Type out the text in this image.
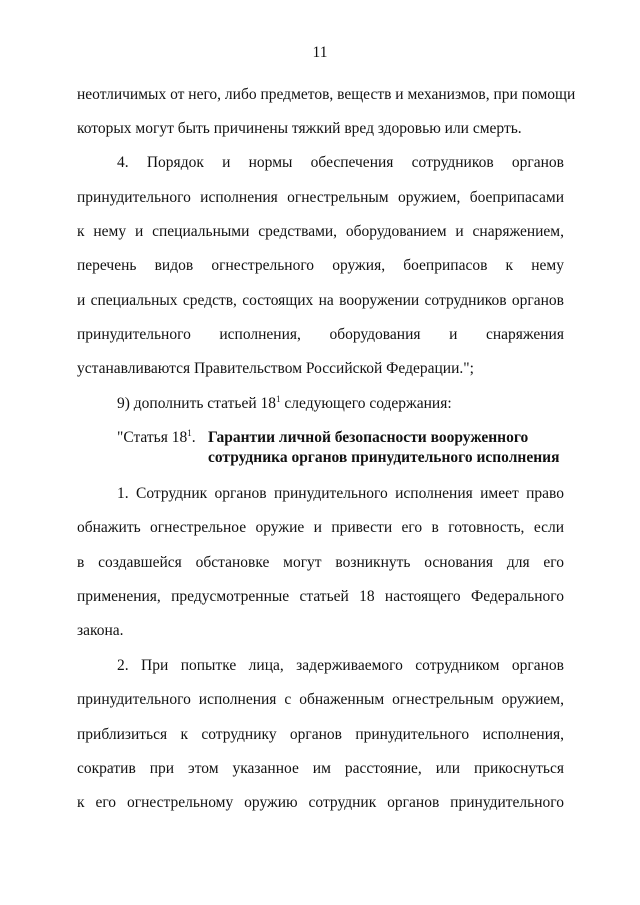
11
неотличимых от него, либо предметов, веществ и механизмов, при помощи
которых могут быть причинены тяжкий вред здоровью или смерть.
4. Порядок и нормы обеспечения сотрудников органов
принудительного исполнения огнестрельным оружием, боеприпасами
к нему и специальными средствами, оборудованием и снаряжением,
перечень видов огнестрельного оружия, боеприпасов к нему
и специальных средств, состоящих на вооружении сотрудников органов
принудительного исполнения, оборудования и снаряжения
устанавливаются Правительством Российской Федерации.";
9) дополнить статьей $18^1$ следующего содержания:
"Статья $18^1$. Гарантии личной безопасности вооруженного
сотрудника органов принудительного исполнения
1. Сотрудник органов принудительного исполнения имеет право
обнажить огнестрельное оружие и привести его в готовность, если
в создавшейся обстановке могут возникнуть основания для его
применения, предусмотренные статьей 18 настоящего Федерального
закона.
2. При попытке лица, задерживаемого сотрудником органов
принудительного исполнения с обнаженным огнестрельным оружием,
приблизиться к сотруднику органов принудительного исполнения,
сократив при этом указанное им расстояние, или прикоснуться
к его огнестрельному оружию сотрудник органов принудительного
